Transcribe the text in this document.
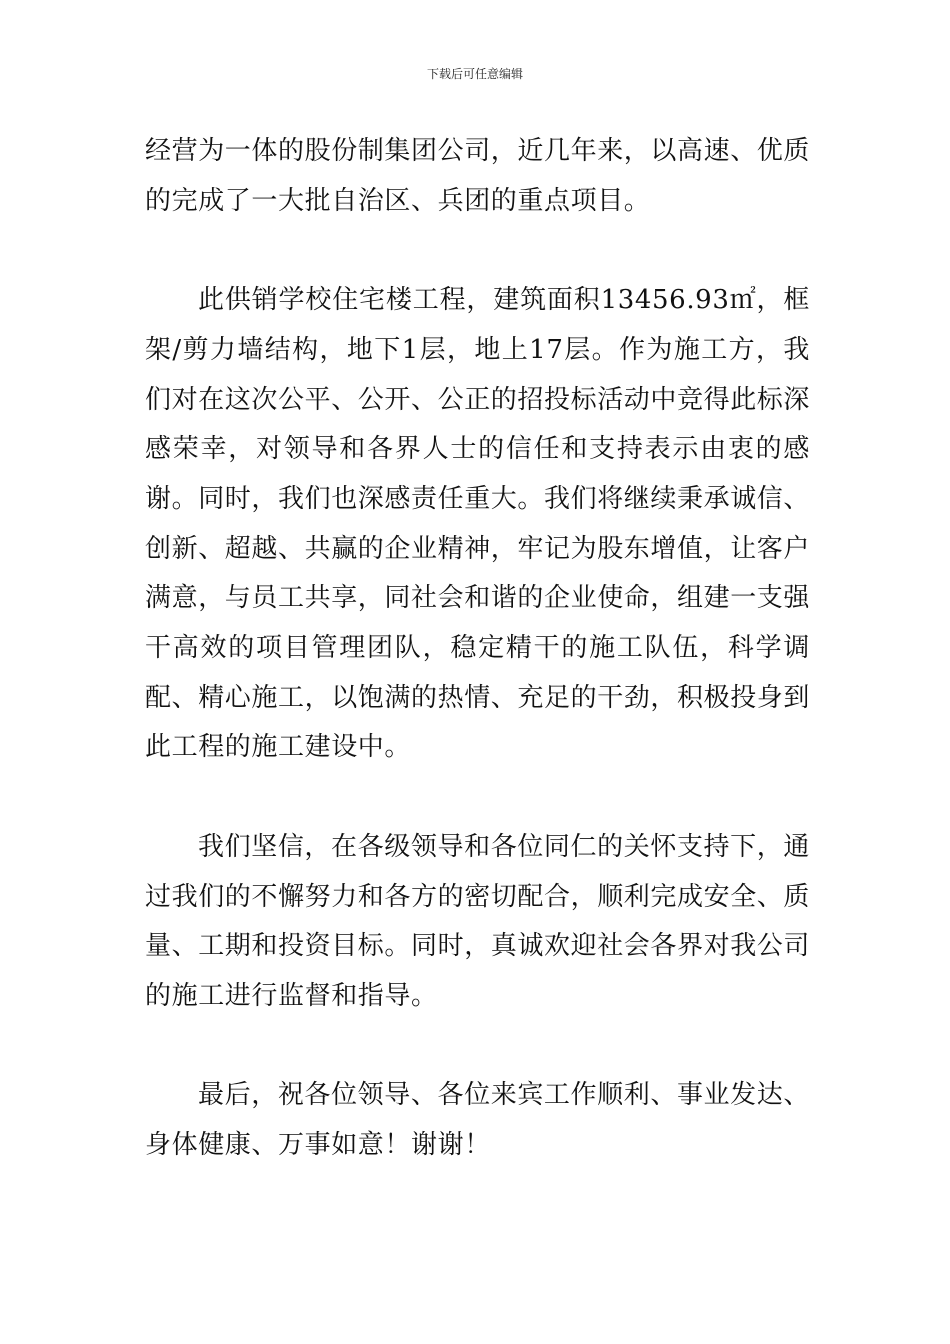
下载后可任意编辑

经营为一体的股份制集团公司，近几年来，以高速、优质的完成了一大批自治区、兵团的重点项目。

此供销学校住宅楼工程，建筑面积13456.93㎡，框架/剪力墙结构，地下1层，地上17层。作为施工方，我们对在这次公平、公开、公正的招投标活动中竞得此标深感荣幸，对领导和各界人士的信任和支持表示由衷的感谢。同时，我们也深感责任重大。我们将继续秉承诚信、创新、超越、共赢的企业精神，牢记为股东增值，让客户满意，与员工共享，同社会和谐的企业使命，组建一支强干高效的项目管理团队，稳定精干的施工队伍，科学调配、精心施工，以饱满的热情、充足的干劲，积极投身到此工程的施工建设中。

我们坚信，在各级领导和各位同仁的关怀支持下，通过我们的不懈努力和各方的密切配合，顺利完成安全、质量、工期和投资目标。同时，真诚欢迎社会各界对我公司的施工进行监督和指导。

最后，祝各位领导、各位来宾工作顺利、事业发达、身体健康、万事如意！谢谢！
